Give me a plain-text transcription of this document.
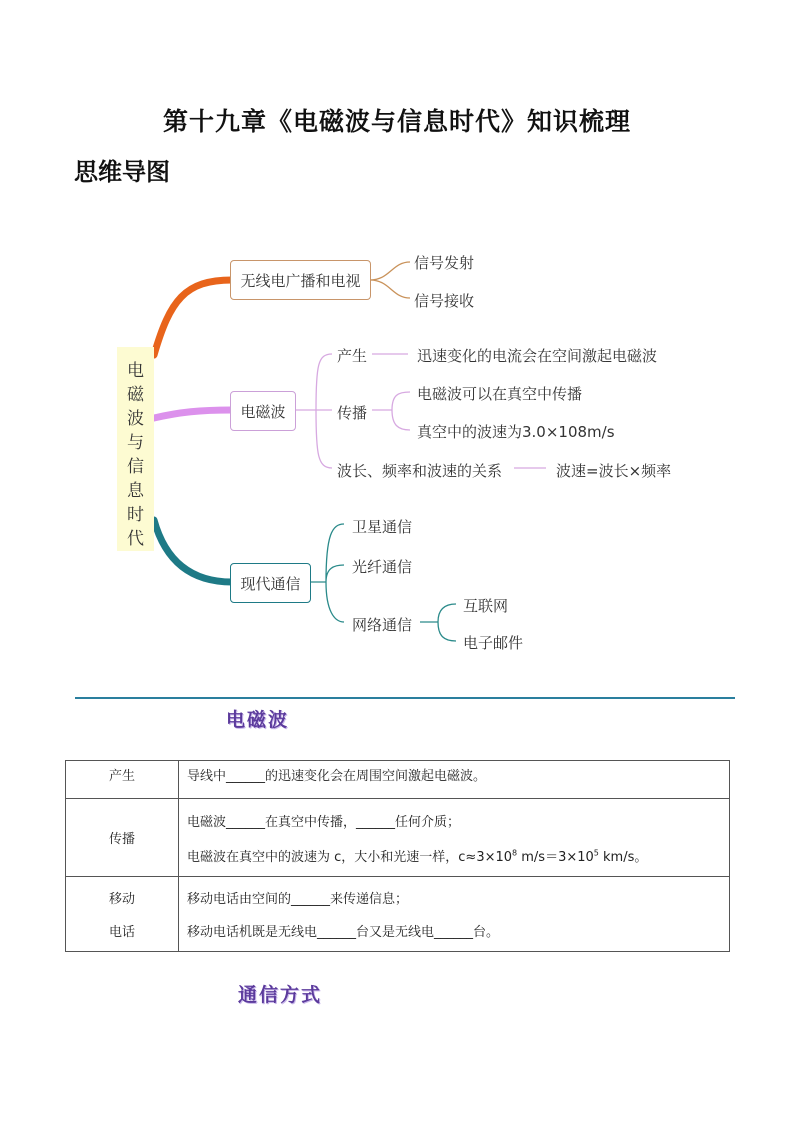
第十九章《电磁波与信息时代》知识梳理
思维导图
电
磁
波
与
信
息
时
代
无线电广播和电视
信号发射
信号接收
电磁波
产生	迅速变化的电流会在空间激起电磁波
传播
电磁波可以在真空中传播
真空中的波速为3.0×108m/s
波长、频率和波速的关系	波速=波长×频率
现代通信
卫星通信
光纤通信
网络通信
互联网
电子邮件
电磁波
产生	导线中______的迅速变化会在周围空间激起电磁波。

传播	电磁波______在真空中传播，______任何介质；
电磁波在真空中的波速为 c，大小和光速一样，$c\approx 3\times 10^8$ $m/s=3\times 10^5$ km/s。

移动
电话	移动电话由空间的______来传递信息；
移动电话机既是无线电______台又是无线电______台。
通信方式
